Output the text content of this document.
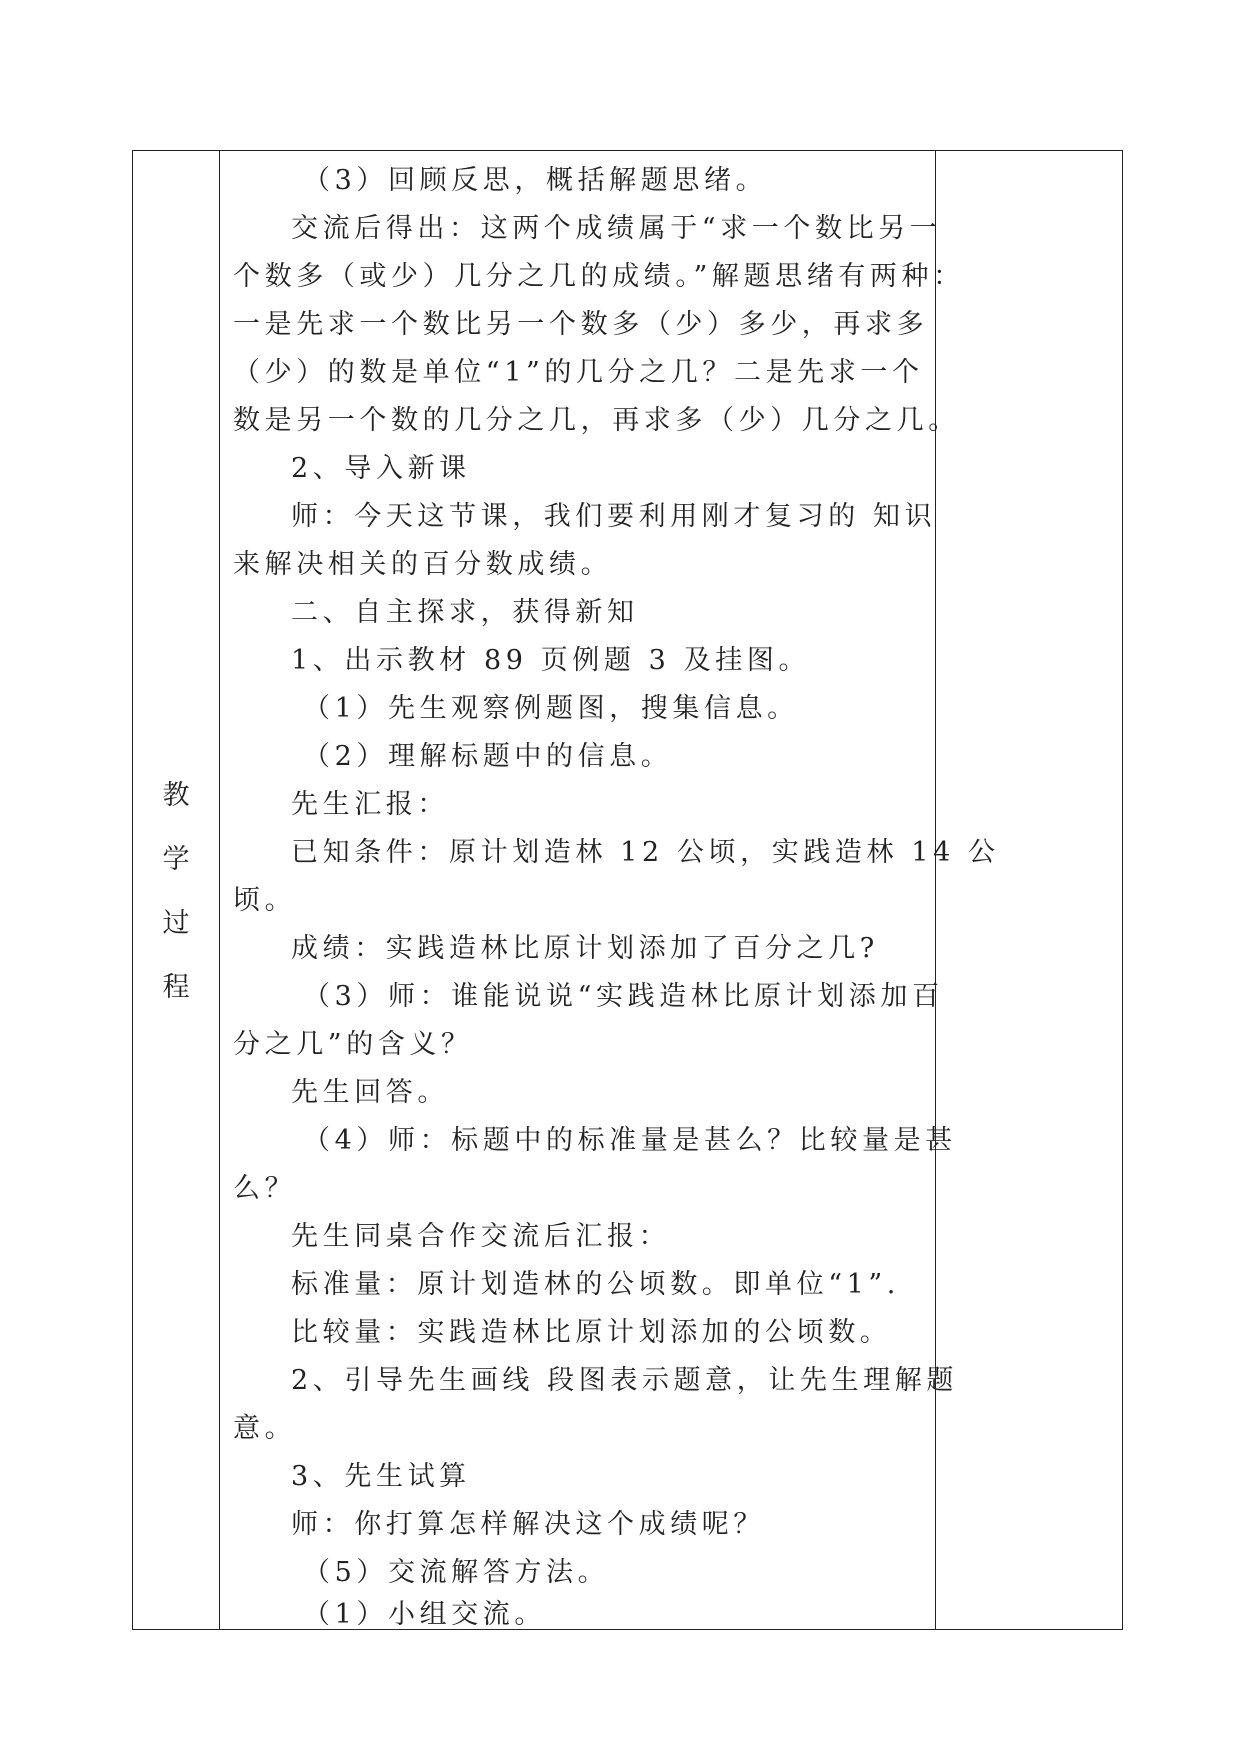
教
学
过
程
（3）回顾反思，概括解题思绪。
交流后得出：这两个成绩属于“求一个数比另一
个数多（或少）几分之几的成绩。”解题思绪有两种：
一是先求一个数比另一个数多（少）多少，再求多
（少）的数是单位“1”的几分之几？二是先求一个
数是另一个数的几分之几，再求多（少）几分之几。
2、导入新课
师：今天这节课，我们要利用刚才复习的 知识
来解决相关的百分数成绩。
二、自主探求，获得新知
1、出示教材 89 页例题 3 及挂图。
（1）先生观察例题图，搜集信息。
（2）理解标题中的信息。
先生汇报：
已知条件：原计划造林 12 公顷，实践造林 14 公
顷。
成绩：实践造林比原计划添加了百分之几?
（3）师：谁能说说“实践造林比原计划添加百
分之几”的含义？
先生回答。
（4）师：标题中的标准量是甚么？比较量是甚
么？
先生同桌合作交流后汇报：
标准量：原计划造林的公顷数。即单位“1”.
比较量：实践造林比原计划添加的公顷数。
2、引导先生画线 段图表示题意，让先生理解题
意。
3、先生试算
师：你打算怎样解决这个成绩呢？
（5）交流解答方法。
（1）小组交流。
